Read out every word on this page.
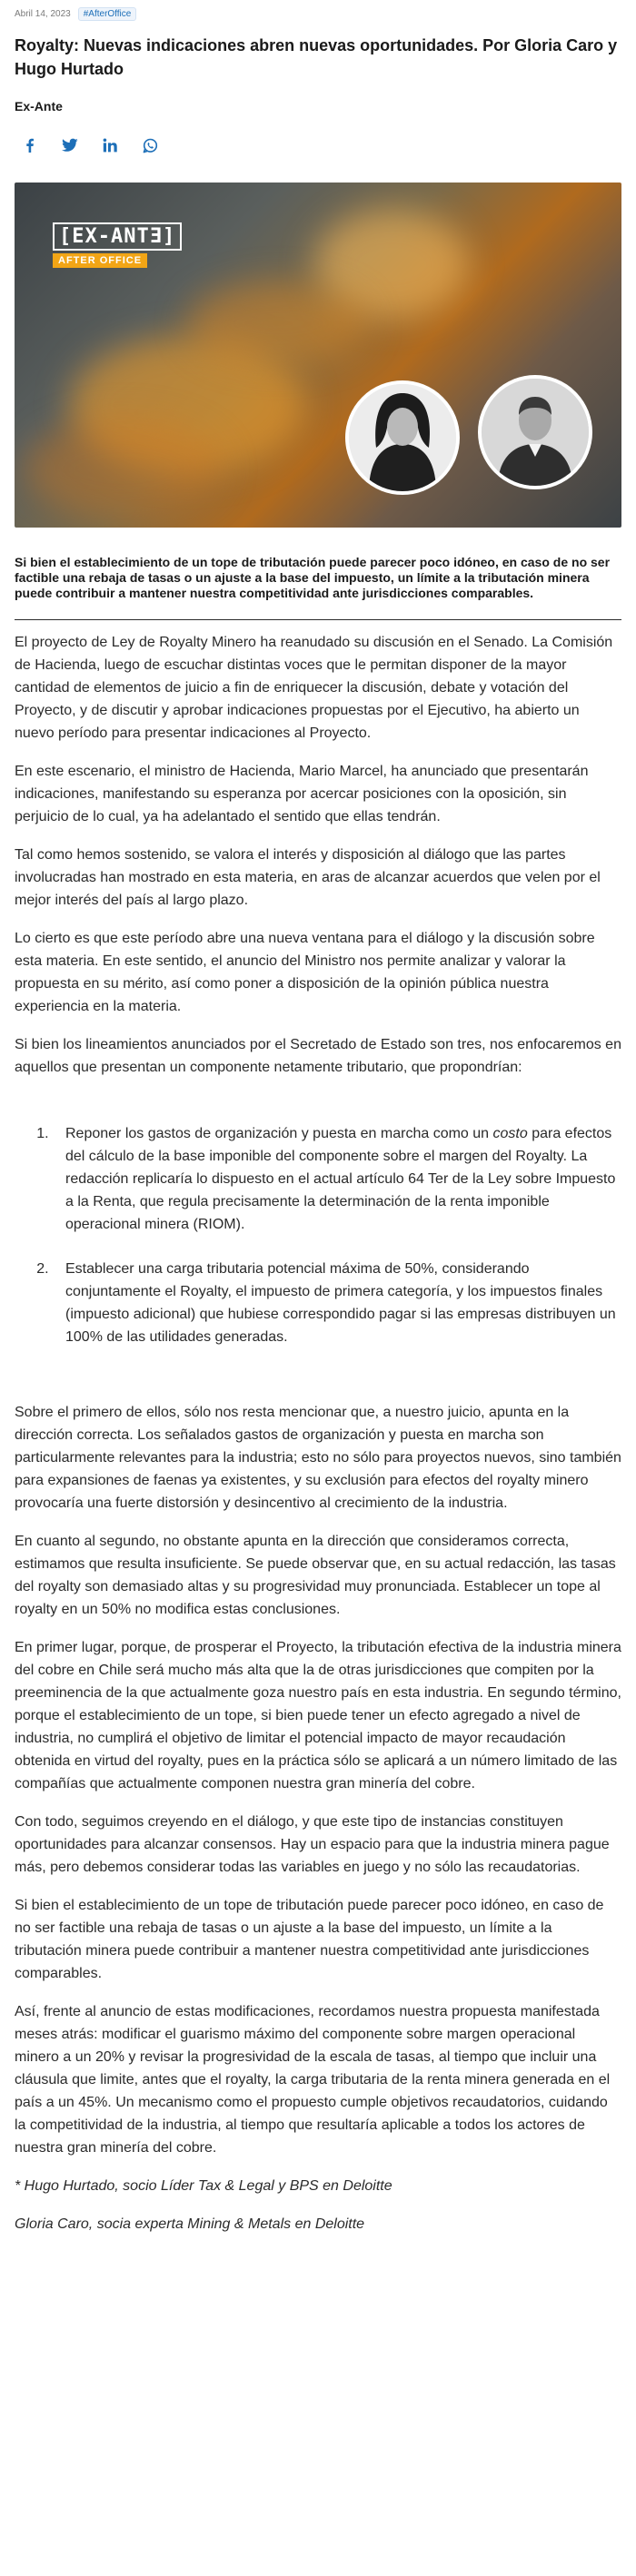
Abril 14, 2023	#AfterOffice
Royalty: Nuevas indicaciones abren nuevas oportunidades. Por Gloria Caro y Hugo Hurtado
Ex-Ante
[EX-ANTƎ]
AFTER OFFICE
Si bien el establecimiento de un tope de tributación puede parecer poco idóneo, en caso de no ser factible una rebaja de tasas o un ajuste a la base del impuesto, un límite a la tributación minera puede contribuir a mantener nuestra competitividad ante jurisdicciones comparables.

El proyecto de Ley de Royalty Minero ha reanudado su discusión en el Senado. La Comisión de Hacienda, luego de escuchar distintas voces que le permitan disponer de la mayor cantidad de elementos de juicio a fin de enriquecer la discusión, debate y votación del Proyecto, y de discutir y aprobar indicaciones propuestas por el Ejecutivo, ha abierto un nuevo período para presentar indicaciones al Proyecto.

En este escenario, el ministro de Hacienda, Mario Marcel, ha anunciado que presentarán indicaciones, manifestando su esperanza por acercar posiciones con la oposición, sin perjuicio de lo cual, ya ha adelantado el sentido que ellas tendrán.

Tal como hemos sostenido, se valora el interés y disposición al diálogo que las partes involucradas han mostrado en esta materia, en aras de alcanzar acuerdos que velen por el mejor interés del país al largo plazo.

Lo cierto es que este período abre una nueva ventana para el diálogo y la discusión sobre esta materia. En este sentido, el anuncio del Ministro nos permite analizar y valorar la propuesta en su mérito, así como poner a disposición de la opinión pública nuestra experiencia en la materia.

Si bien los lineamientos anunciados por el Secretado de Estado son tres, nos enfocaremos en aquellos que presentan un componente netamente tributario, que propondrían:

1. Reponer los gastos de organización y puesta en marcha como un costo para efectos del cálculo de la base imponible del componente sobre el margen del Royalty. La redacción replicaría lo dispuesto en el actual artículo 64 Ter de la Ley sobre Impuesto a la Renta, que regula precisamente la determinación de la renta imponible operacional minera (RIOM).
2. Establecer una carga tributaria potencial máxima de 50%, considerando conjuntamente el Royalty, el impuesto de primera categoría, y los impuestos finales (impuesto adicional) que hubiese correspondido pagar si las empresas distribuyen un 100% de las utilidades generadas.

Sobre el primero de ellos, sólo nos resta mencionar que, a nuestro juicio, apunta en la dirección correcta. Los señalados gastos de organización y puesta en marcha son particularmente relevantes para la industria; esto no sólo para proyectos nuevos, sino también para expansiones de faenas ya existentes, y su exclusión para efectos del royalty minero provocaría una fuerte distorsión y desincentivo al crecimiento de la industria.

En cuanto al segundo, no obstante apunta en la dirección que consideramos correcta, estimamos que resulta insuficiente. Se puede observar que, en su actual redacción, las tasas del royalty son demasiado altas y su progresividad muy pronunciada. Establecer un tope al royalty en un 50% no modifica estas conclusiones.

En primer lugar, porque, de prosperar el Proyecto, la tributación efectiva de la industria minera del cobre en Chile será mucho más alta que la de otras jurisdicciones que compiten por la preeminencia de la que actualmente goza nuestro país en esta industria. En segundo término, porque el establecimiento de un tope, si bien puede tener un efecto agregado a nivel de industria, no cumplirá el objetivo de limitar el potencial impacto de mayor recaudación obtenida en virtud del royalty, pues en la práctica sólo se aplicará a un número limitado de las compañías que actualmente componen nuestra gran minería del cobre.

Con todo, seguimos creyendo en el diálogo, y que este tipo de instancias constituyen oportunidades para alcanzar consensos. Hay un espacio para que la industria minera pague más, pero debemos considerar todas las variables en juego y no sólo las recaudatorias.

Si bien el establecimiento de un tope de tributación puede parecer poco idóneo, en caso de no ser factible una rebaja de tasas o un ajuste a la base del impuesto, un límite a la tributación minera puede contribuir a mantener nuestra competitividad ante jurisdicciones comparables.

Así, frente al anuncio de estas modificaciones, recordamos nuestra propuesta manifestada meses atrás: modificar el guarismo máximo del componente sobre margen operacional minero a un 20% y revisar la progresividad de la escala de tasas, al tiempo que incluir una cláusula que limite, antes que el royalty, la carga tributaria de la renta minera generada en el país a un 45%. Un mecanismo como el propuesto cumple objetivos recaudatorios, cuidando la competitividad de la industria, al tiempo que resultaría aplicable a todos los actores de nuestra gran minería del cobre.

* Hugo Hurtado, socio Líder Tax & Legal y BPS en Deloitte

Gloria Caro, socia experta Mining & Metals en Deloitte
